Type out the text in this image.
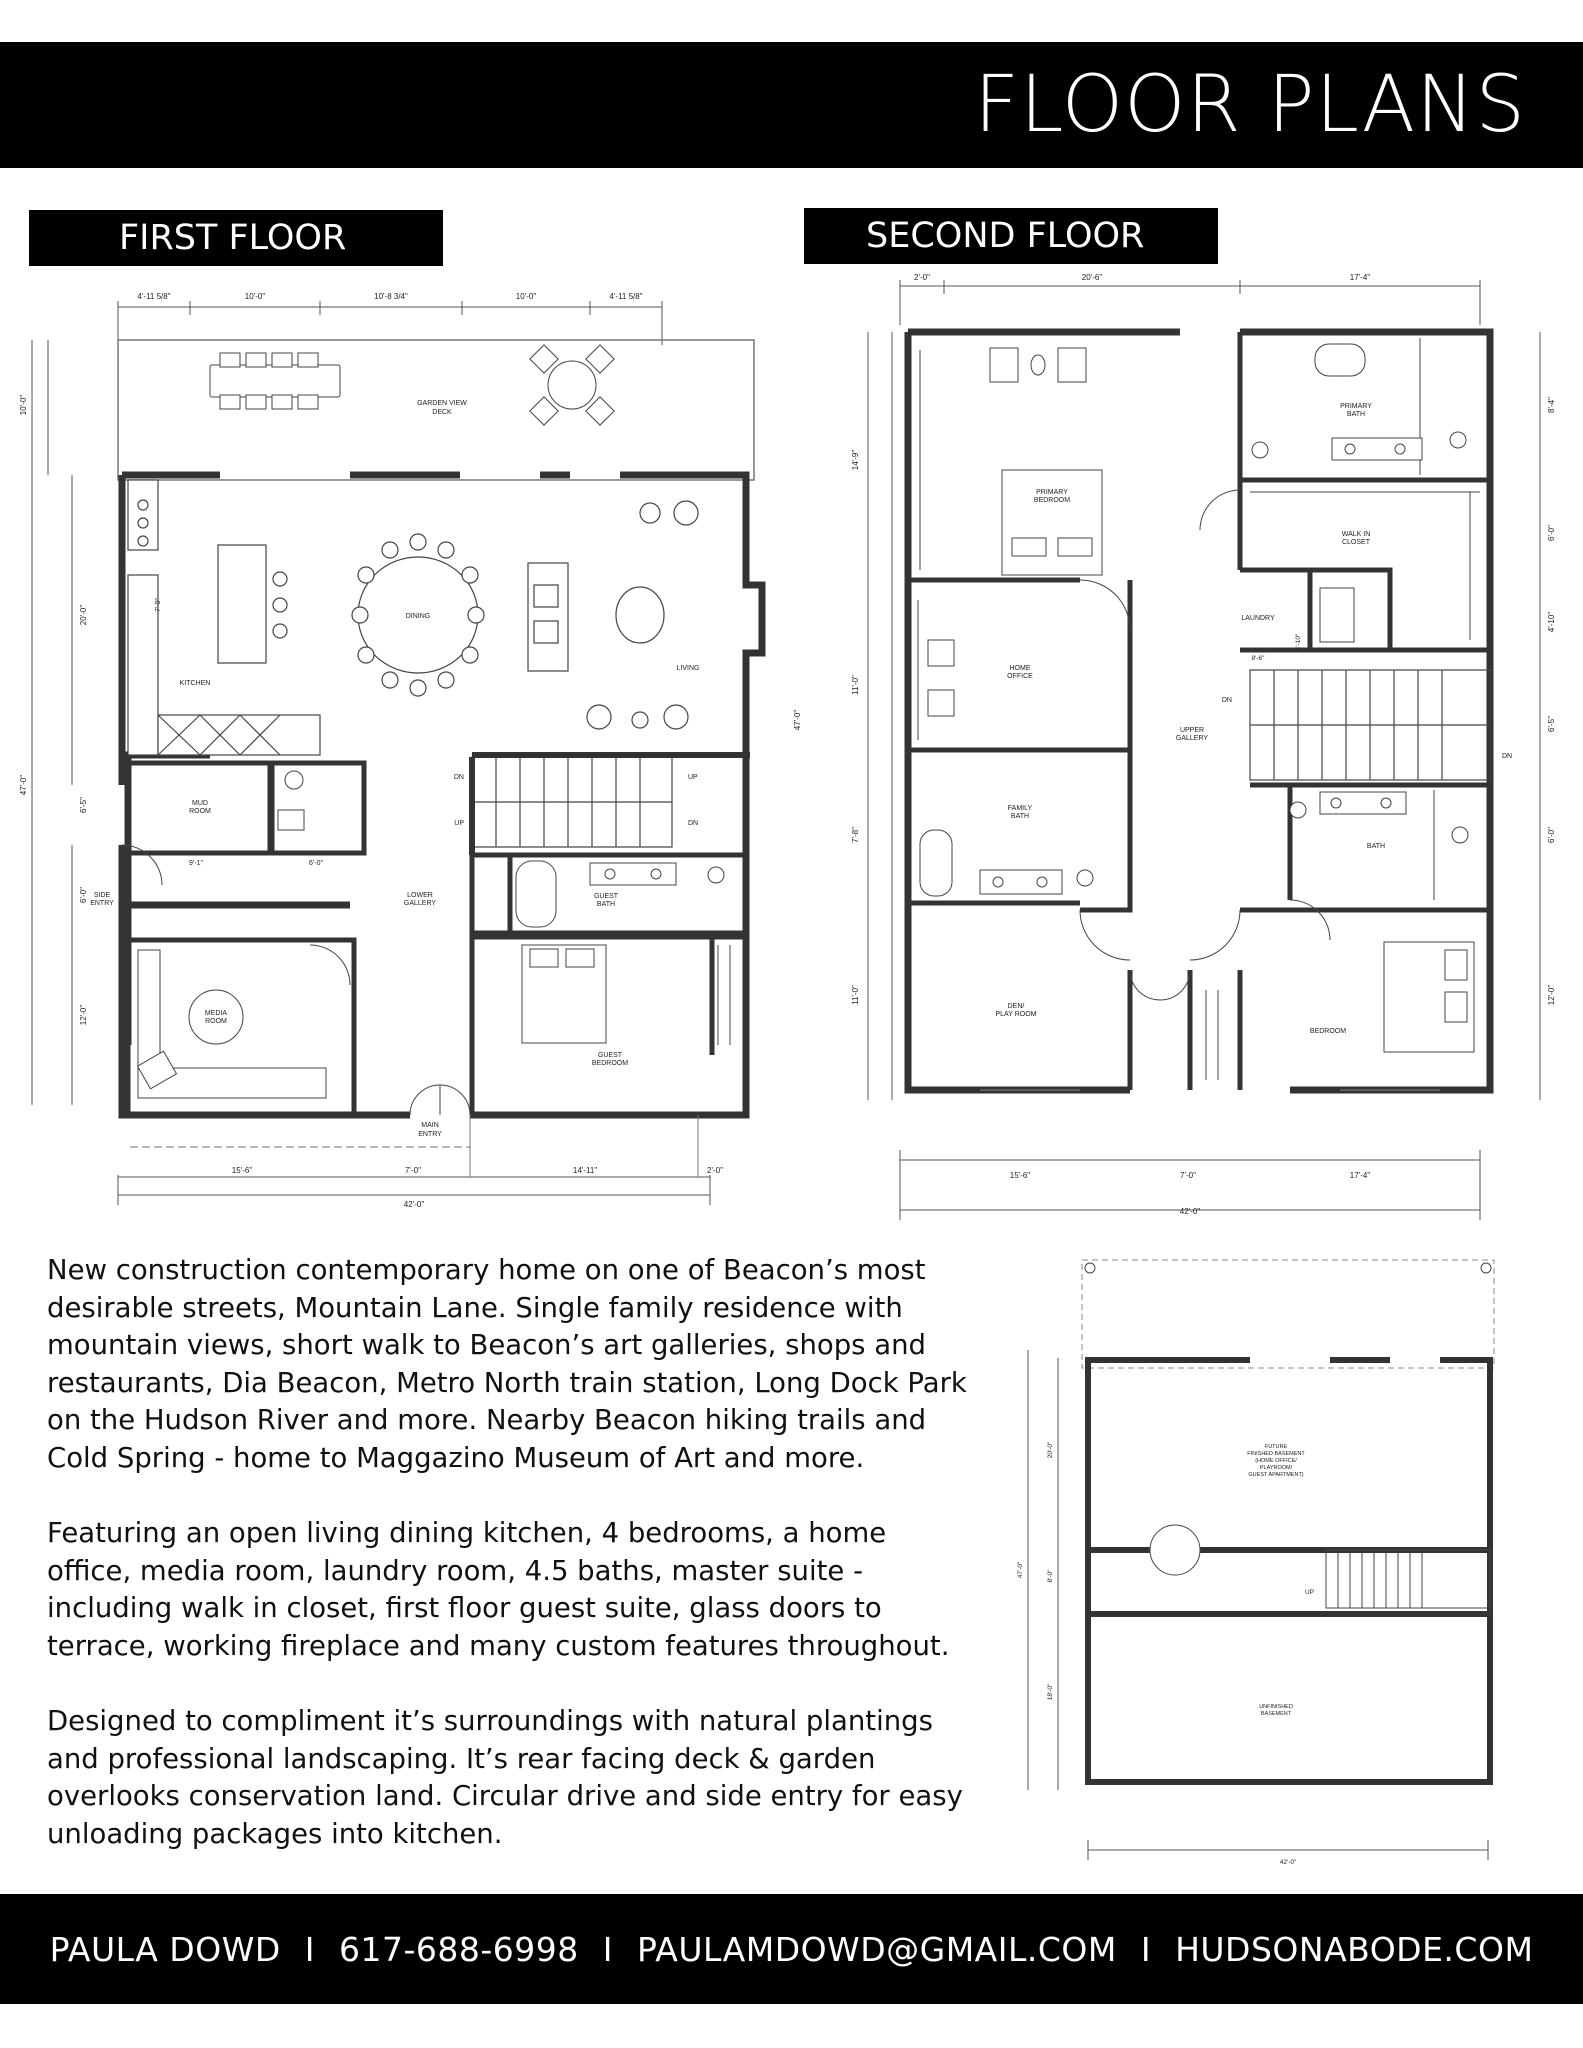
FLOOR PLANS
FIRST FLOOR	SECOND FLOOR
4'-11 5/8"	10'-0"	10'-8 3/4"	10'-0"	4'-11 5/8"
15'-6"	7'-0"	14'-11"	2'-0"
42'-0"
10'-0"
20'-0"
47'-0"
6'-5"
6'-0"
12'-0"
GARDEN VIEW
DECK
DINING
KITCHEN
LIVING
MUD
ROOM
9'-1"	6'-0"
7'-0"
SIDE
ENTRY
DN
UP
UP
DN
LOWER
GALLERY
GUEST
BATH
MEDIA
ROOM
GUEST
BEDROOM
MAIN
ENTRY
2'-0"	20'-6"	17'-4"
15'-6"	7'-0"	17'-4"
42'-0"
14'-9"
11'-0"
47'-0"
7'-8"
11'-0"
8'-4"
6'-0"
4'-10"
6'-5"
6'-0"
12'-0"
PRIMARY
BEDROOM
PRIMARY
BATH
WALK IN
CLOSET
LAUNDRY
8'-6"
4'-10"
HOME
OFFICE
UPPER
GALLERY
DN
DN
FAMILY
BATH
BATH
DEN/
PLAY ROOM
BEDROOM

New construction contemporary home on one of Beacon’s most desirable streets, Mountain Lane. Single family residence with mountain views, short walk to Beacon’s art galleries, shops and restaurants, Dia Beacon, Metro North train station, Long Dock Park on the Hudson River and more. Nearby Beacon hiking trails and Cold Spring - home to Maggazino Museum of Art and more.

Featuring an open living dining kitchen, 4 bedrooms, a home office, media room, laundry room, 4.5 baths, master suite - including walk in closet, first floor guest suite, glass doors to terrace, working fireplace and many custom features throughout.

Designed to compliment it’s surroundings with natural plantings and professional landscaping. It’s rear facing deck & garden overlooks conservation land. Circular drive and side entry for easy unloading packages into kitchen.

20'-0"
47'-0"	8'-0"
18'-0"
42'-0"
UP
FUTURE
FINISHED BASEMENT
(HOME OFFICE/
PLAYROOM/
GUEST APARTMENT)
UNFINISHED
BASEMENT
PAULA DOWD I 617-688-6998 I PAULAMDOWD@GMAIL.COM I HUDSONABODE.COM
